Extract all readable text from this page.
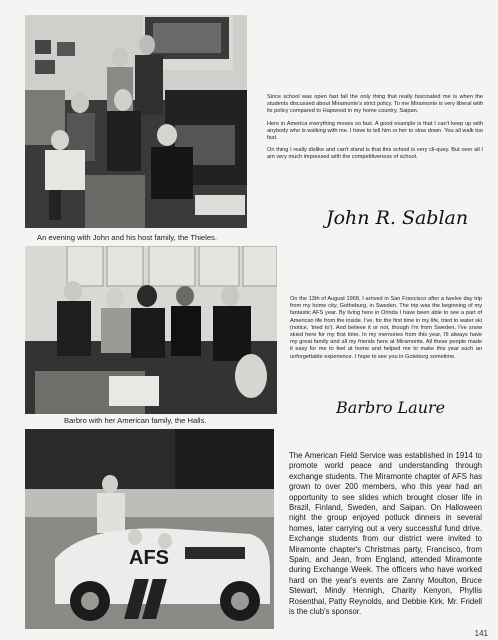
An evening with John and his host family, the Thieles.

Since school was open fast fall the only thing that really fascinated me is when the students discussed about Miramonte's strict policy. To me Miramonte is very liberal with its policy compared to Hapwood in my home country, Saipan.

Here in America everything moves so fast. A good example is that I can't keep up with anybody who is walking with me. I have to tell him or her to slow down. You all walk too fast.

On thing I really dislike and can't stand is that this school is very cli-quey. But over all I am very much impressed with the competitiveness of school.

John R. Sablan
Barbro with her American family, the Halls.

On the 13th of August 1968, I arrived in San Francisco after a twelve day trip from my home city, Gotheburg, in Sweden. The trip was the beginning of my fantastic AFS year. By living here in Orinda I have been able to see a part of American life from the inside. I've, for the first time in my life, tried to water ski (notice, 'tried to'). And believe it or not, though I'm from Sweden, I've snow skied here for my first time. In my memories from this year, I'll always have my great family and all my friends here at Miramonte. All these people made it easy for me to feel at home and helped me to make this year such an unforgettable experience. I hope to see you in Goteborg sometime.

Barbro Laure
AFS
The American Field Service was established in 1914 to promote world peace and understanding through exchange students. The Miramonte chapter of AFS has grown to over 200 members, who this year had an opportunity to see slides which brought closer life in Brazil, Finland, Sweden, and Saipan. On Halloween night the group enjoyed potluck dinners in several homes, later carrying out a very successful fund drive. Exchange students from our district were invited to Miramonte chapter's Christmas party, Francisco, from Spain, and Jean, from England, attended Miramonte during Exchange Week. The officers who have worked hard on the year's events are Zanny Moulton, Bruce Stewart, Mindy Hennigh, Charity Kenyon, Phyllis Rosenthal, Patty Reynolds, and Debbie Kirk. Mr. Fridell is the club's sponsor.
141
